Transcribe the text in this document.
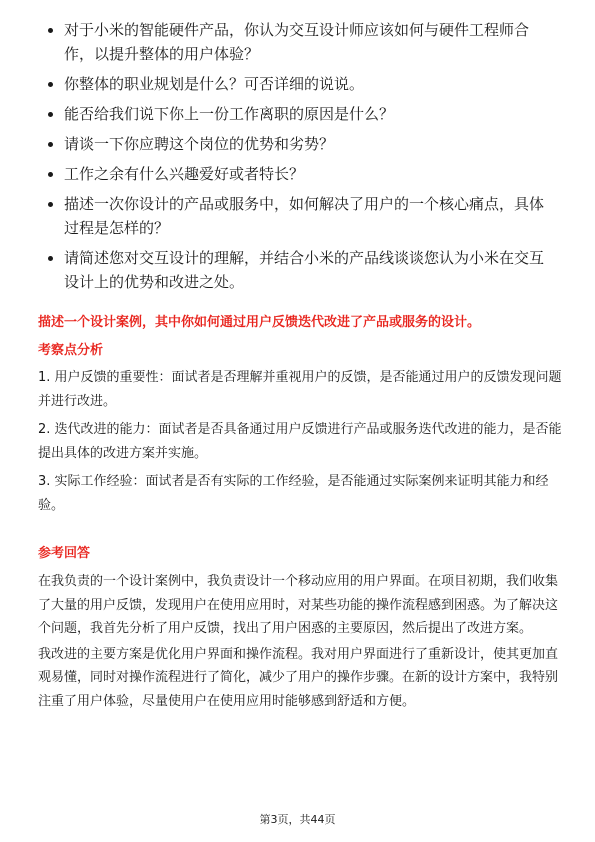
对于小米的智能硬件产品，你认为交互设计师应该如何与硬件工程师合作，以提升整体的用户体验？
你整体的职业规划是什么？可否详细的说说。
能否给我们说下你上一份工作离职的原因是什么？
请谈一下你应聘这个岗位的优势和劣势？
工作之余有什么兴趣爱好或者特长？
描述一次你设计的产品或服务中，如何解决了用户的一个核心痛点，具体过程是怎样的？
请简述您对交互设计的理解，并结合小米的产品线谈谈您认为小米在交互设计上的优势和改进之处。
描述一个设计案例，其中你如何通过用户反馈迭代改进了产品或服务的设计。
考察点分析

1. 用户反馈的重要性：面试者是否理解并重视用户的反馈，是否能通过用户的反馈发现问题并进行改进。

2. 迭代改进的能力：面试者是否具备通过用户反馈进行产品或服务迭代改进的能力，是否能提出具体的改进方案并实施。

3. 实际工作经验：面试者是否有实际的工作经验，是否能通过实际案例来证明其能力和经验。

参考回答

在我负责的一个设计案例中，我负责设计一个移动应用的用户界面。在项目初期，我们收集了大量的用户反馈，发现用户在使用应用时，对某些功能的操作流程感到困惑。为了解决这个问题，我首先分析了用户反馈，找出了用户困惑的主要原因，然后提出了改进方案。

我改进的主要方案是优化用户界面和操作流程。我对用户界面进行了重新设计，使其更加直观易懂，同时对操作流程进行了简化，减少了用户的操作步骤。在新的设计方案中，我特别注重了用户体验，尽量使用户在使用应用时能够感到舒适和方便。

第3页，共44页
